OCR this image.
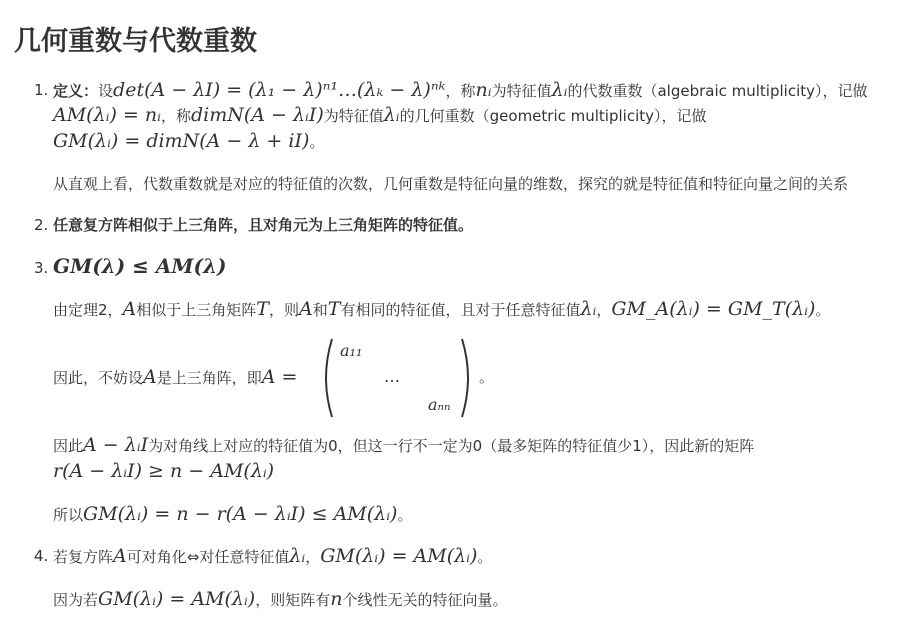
几何重数与代数重数
1. 定义：设det(A − λI) = (λ₁ − λ)ⁿ¹…(λₖ − λ)ⁿᵏ，称nᵢ为特征值λᵢ的代数重数（algebraic multiplicity），记做
AM(λᵢ) = nᵢ，称dimN(A − λᵢI)为特征值λᵢ的几何重数（geometric multiplicity），记做
GM(λᵢ) = dimN(A − λ + iI)。
从直观上看，代数重数就是对应的特征值的次数，几何重数是特征向量的维数，探究的就是特征值和特征向量之间的关系
2. 任意复方阵相似于上三角阵，且对角元为上三角矩阵的特征值。
3. GM(λ) ≤ AM(λ)
由定理2，A相似于上三角矩阵T，则A和T有相同的特征值，且对于任意特征值λᵢ，GM_A(λᵢ) = GM_T(λᵢ)。
因此，不妨设A是上三角阵，即A =
a₁₁
…
aₙₙ
。
因此A − λᵢI为对角线上对应的特征值为0，但这一行不一定为0（最多矩阵的特征值少1），因此新的矩阵
r(A − λᵢI) ≥ n − AM(λᵢ)
所以GM(λᵢ) = n − r(A − λᵢI) ≤ AM(λᵢ)。
4. 若复方阵A可对角化⇔对任意特征值λᵢ，GM(λᵢ) = AM(λᵢ)。
因为若GM(λᵢ) = AM(λᵢ)，则矩阵有n个线性无关的特征向量。
